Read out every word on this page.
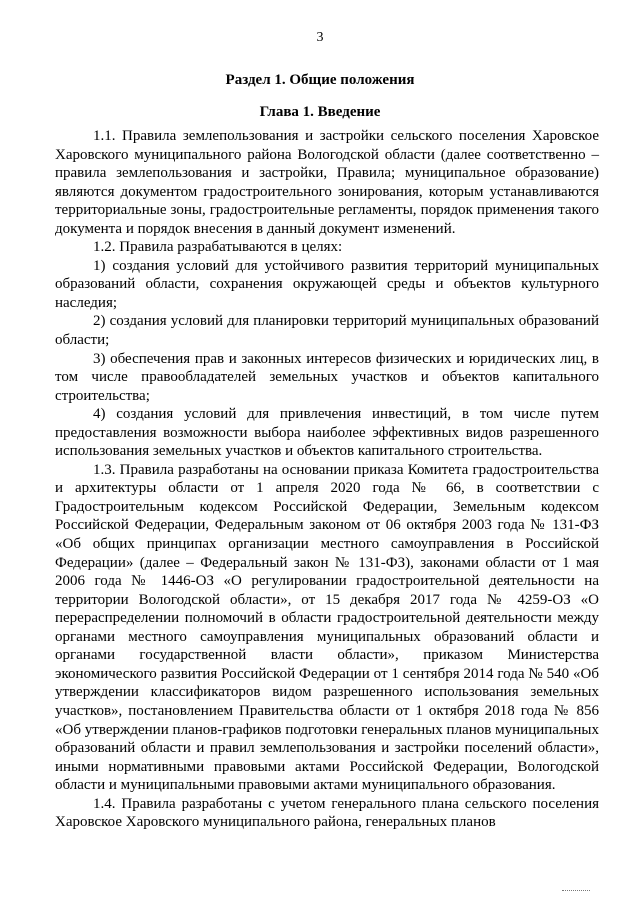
3
Раздел 1. Общие положения
Глава 1. Введение

1.1. Правила землепользования и застройки сельского поселения Харовское Харовского муниципального района Вологодской области (далее соответственно – правила землепользования и застройки, Правила; муниципальное образование) являются документом градостроительного зонирования, которым устанавливаются территориальные зоны, градостроительные регламенты, порядок применения такого документа и порядок внесения в данный документ изменений.

1.2. Правила разрабатываются в целях:

1) создания условий для устойчивого развития территорий муниципальных образований области, сохранения окружающей среды и объектов культурного наследия;

2) создания условий для планировки территорий муниципальных образований области;

3) обеспечения прав и законных интересов физических и юридических лиц, в том числе правообладателей земельных участков и объектов капитального строительства;

4) создания условий для привлечения инвестиций, в том числе путем предоставления возможности выбора наиболее эффективных видов разрешенного использования земельных участков и объектов капитального строительства.

1.3. Правила разработаны на основании приказа Комитета градостроительства и архитектуры области от 1 апреля 2020 года № 66, в соответствии с Градостроительным кодексом Российской Федерации, Земельным кодексом Российской Федерации, Федеральным законом от 06 октября 2003 года № 131-ФЗ «Об общих принципах организации местного самоуправления в Российской Федерации» (далее – Федеральный закон № 131-ФЗ), законами области от 1 мая 2006 года № 1446-ОЗ «О регулировании градостроительной деятельности на территории Вологодской области», от 15 декабря 2017 года № 4259-ОЗ «О перераспределении полномочий в области градостроительной деятельности между органами местного самоуправления муниципальных образований области и органами государственной власти области», приказом Министерства экономического развития Российской Федерации от 1 сентября 2014 года № 540 «Об утверждении классификаторов видом разрешенного использования земельных участков», постановлением Правительства области от 1 октября 2018 года № 856 «Об утверждении планов-графиков подготовки генеральных планов муниципальных образований области и правил землепользования и застройки поселений области», иными нормативными правовыми актами Российской Федерации, Вологодской области и муниципальными правовыми актами муниципального образования.

1.4. Правила разработаны с учетом генерального плана сельского поселения Харовское Харовского муниципального района, генеральных планов
